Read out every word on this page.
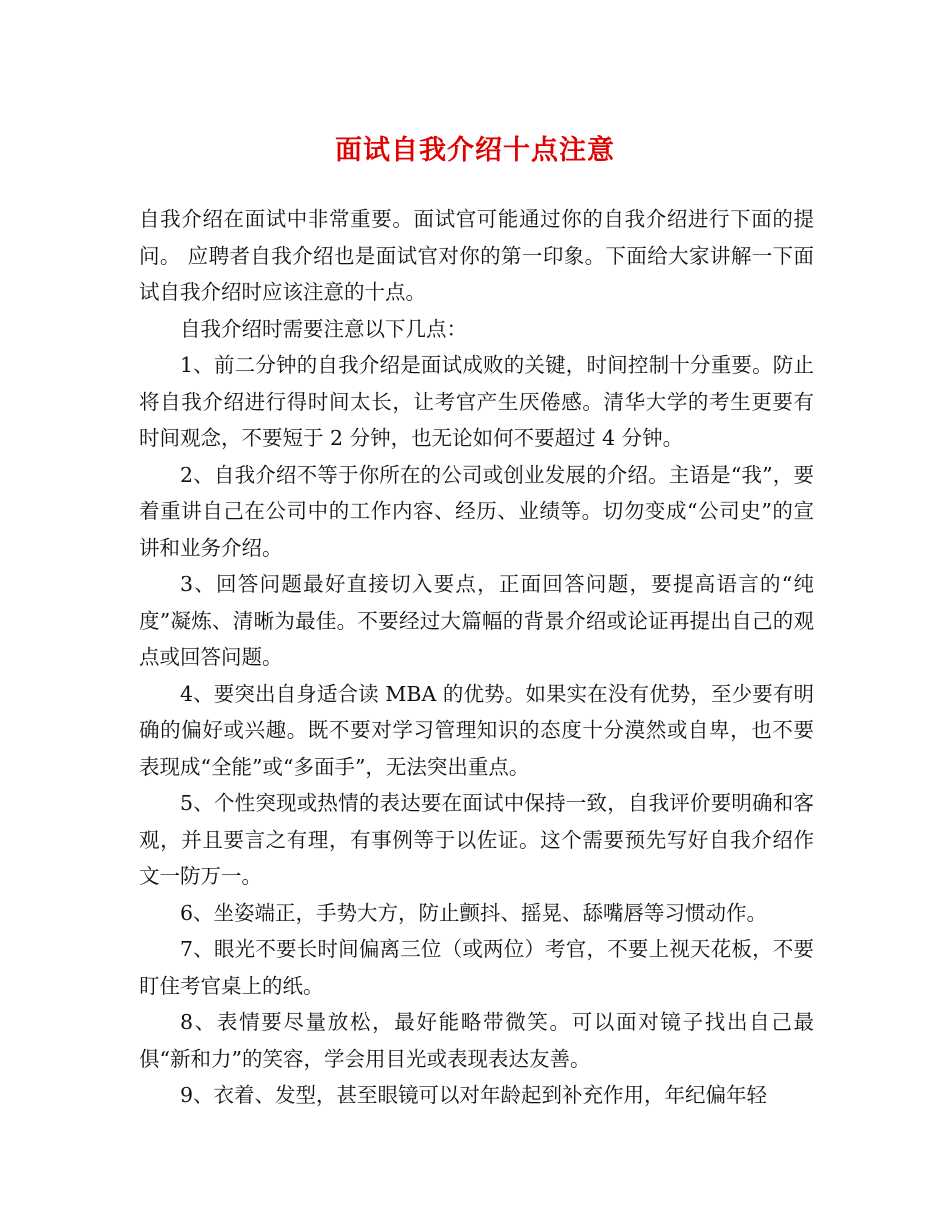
面试自我介绍十点注意

自我介绍在面试中非常重要。面试官可能通过你的自我介绍进行下面的提问。 应聘者自我介绍也是面试官对你的第一印象。下面给大家讲解一下面试自我介绍时应该注意的十点。

自我介绍时需要注意以下几点：

1、前二分钟的自我介绍是面试成败的关键，时间控制十分重要。防止将自我介绍进行得时间太长，让考官产生厌倦感。清华大学的考生更要有时间观念，不要短于 2 分钟，也无论如何不要超过 4 分钟。

2、自我介绍不等于你所在的公司或创业发展的介绍。主语是“我”，要着重讲自己在公司中的工作内容、经历、业绩等。切勿变成“公司史”的宣讲和业务介绍。

3、回答问题最好直接切入要点，正面回答问题，要提高语言的“纯度”凝炼、清晰为最佳。不要经过大篇幅的背景介绍或论证再提出自己的观点或回答问题。

4、要突出自身适合读 MBA 的优势。如果实在没有优势，至少要有明确的偏好或兴趣。既不要对学习管理知识的态度十分漠然或自卑，也不要表现成“全能”或“多面手”，无法突出重点。

5、个性突现或热情的表达要在面试中保持一致，自我评价要明确和客观，并且要言之有理，有事例等于以佐证。这个需要预先写好自我介绍作文一防万一。

6、坐姿端正，手势大方，防止颤抖、摇晃、舔嘴唇等习惯动作。

7、眼光不要长时间偏离三位（或两位）考官，不要上视天花板，不要盯住考官桌上的纸。

8、表情要尽量放松，最好能略带微笑。可以面对镜子找出自己最俱“新和力”的笑容，学会用目光或表现表达友善。

9、衣着、发型，甚至眼镜可以对年龄起到补充作用，年纪偏年轻
